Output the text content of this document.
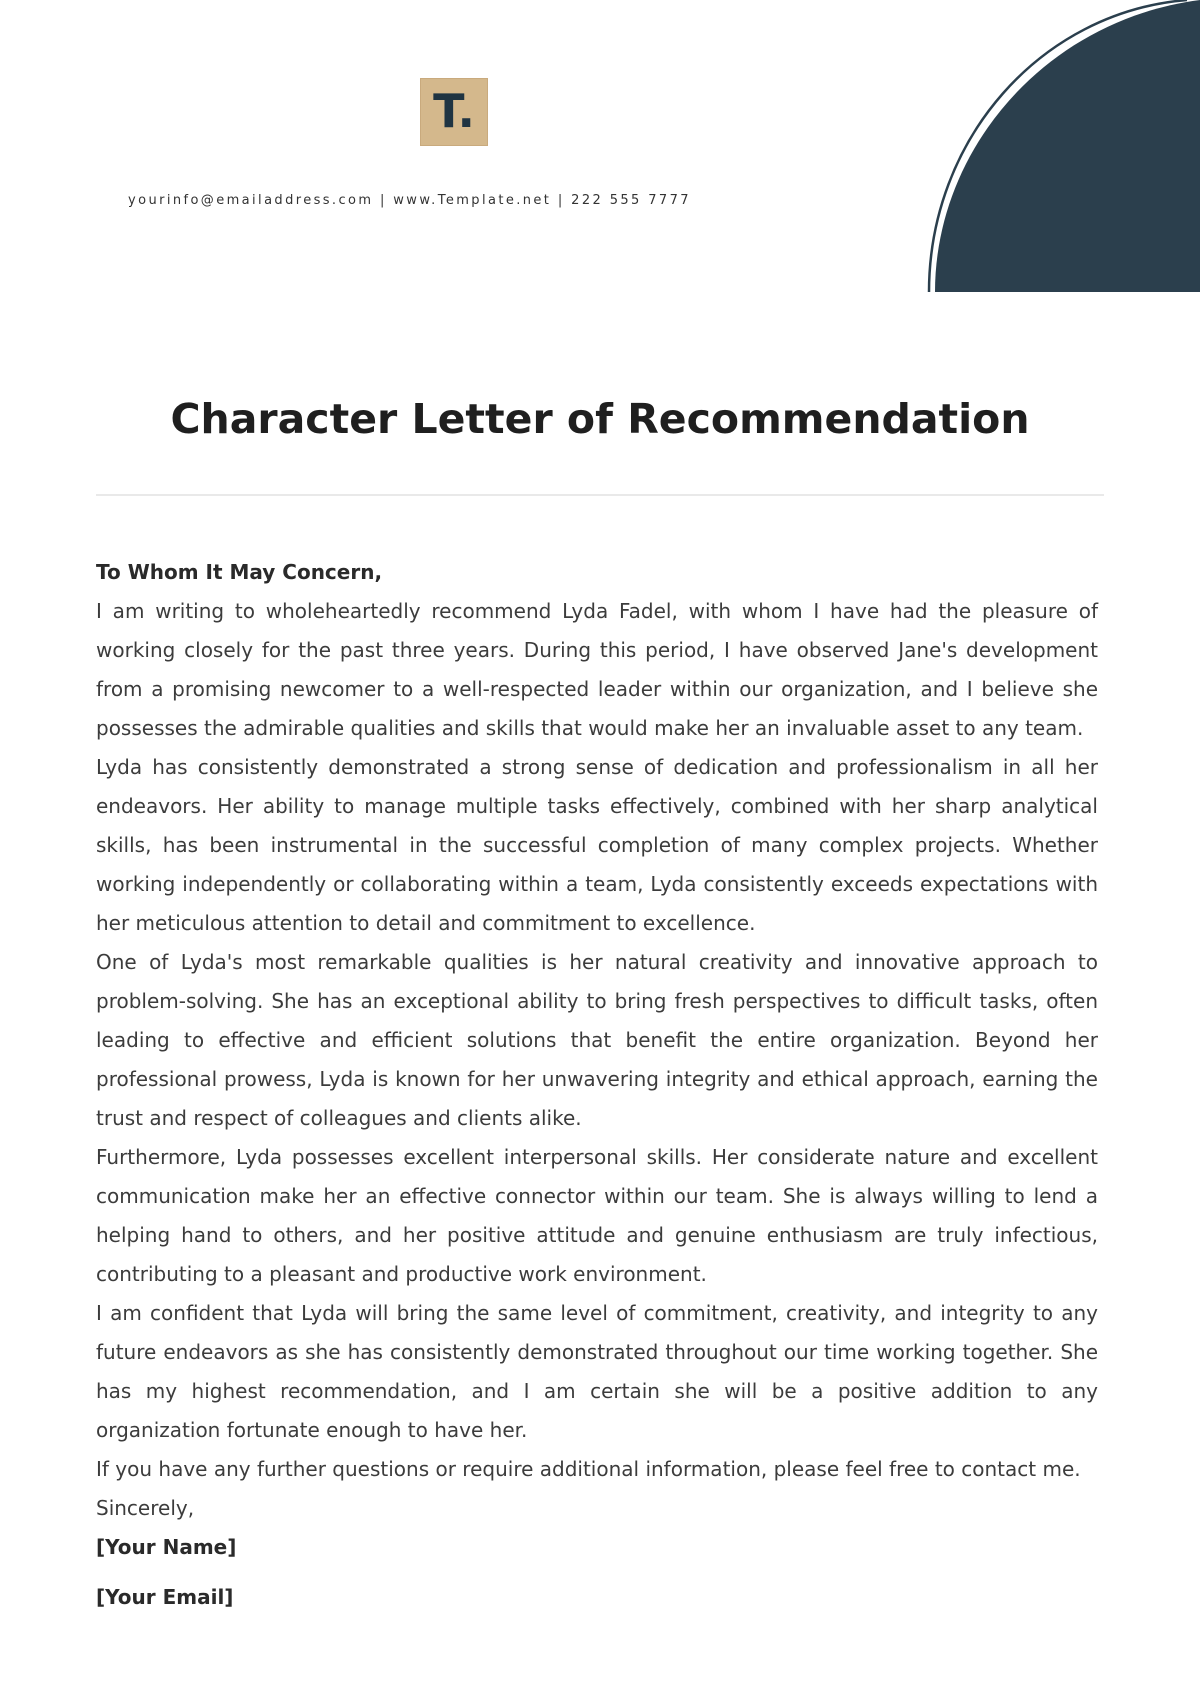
T.
yourinfo@emailaddress.com | www.Template.net | 222 555 7777
Character Letter of Recommendation

To Whom It May Concern,

I am writing to wholeheartedly recommend Lyda Fadel, with whom I have had the pleasure of working closely for the past three years. During this period, I have observed Jane's development from a promising newcomer to a well-respected leader within our organization, and I believe she possesses the admirable qualities and skills that would make her an invaluable asset to any team.

Lyda has consistently demonstrated a strong sense of dedication and professionalism in all her endeavors. Her ability to manage multiple tasks effectively, combined with her sharp analytical skills, has been instrumental in the successful completion of many complex projects. Whether working independently or collaborating within a team, Lyda consistently exceeds expectations with her meticulous attention to detail and commitment to excellence.

One of Lyda's most remarkable qualities is her natural creativity and innovative approach to problem-solving. She has an exceptional ability to bring fresh perspectives to difficult tasks, often leading to effective and efficient solutions that benefit the entire organization. Beyond her professional prowess, Lyda is known for her unwavering integrity and ethical approach, earning the trust and respect of colleagues and clients alike.

Furthermore, Lyda possesses excellent interpersonal skills. Her considerate nature and excellent communication make her an effective connector within our team. She is always willing to lend a helping hand to others, and her positive attitude and genuine enthusiasm are truly infectious, contributing to a pleasant and productive work environment.

I am confident that Lyda will bring the same level of commitment, creativity, and integrity to any future endeavors as she has consistently demonstrated throughout our time working together. She has my highest recommendation, and I am certain she will be a positive addition to any organization fortunate enough to have her.

If you have any further questions or require additional information, please feel free to contact me.

Sincerely,

[Your Name]

[Your Email]
